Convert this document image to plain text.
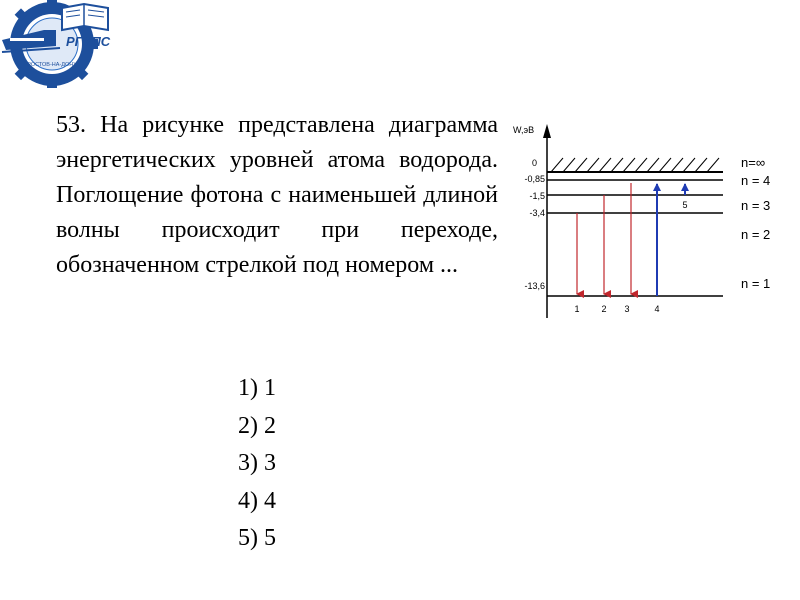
РГУПС
РОСТОВ-НА-ДОНУ

53. На рисунке представлена диаграмма энергетических уровней атома водорода. Поглощение фотона с наименьшей длиной волны происходит при переходе, обозначенном стрелкой под номером ...

1) 1
2) 2
3) 3
4) 4
5) 5
W,эВ
0
-0,85
-1,5
-3,4
-13,6
n=∞
n = 4
n = 3
n = 2
n = 1
1 2 3	4
5
